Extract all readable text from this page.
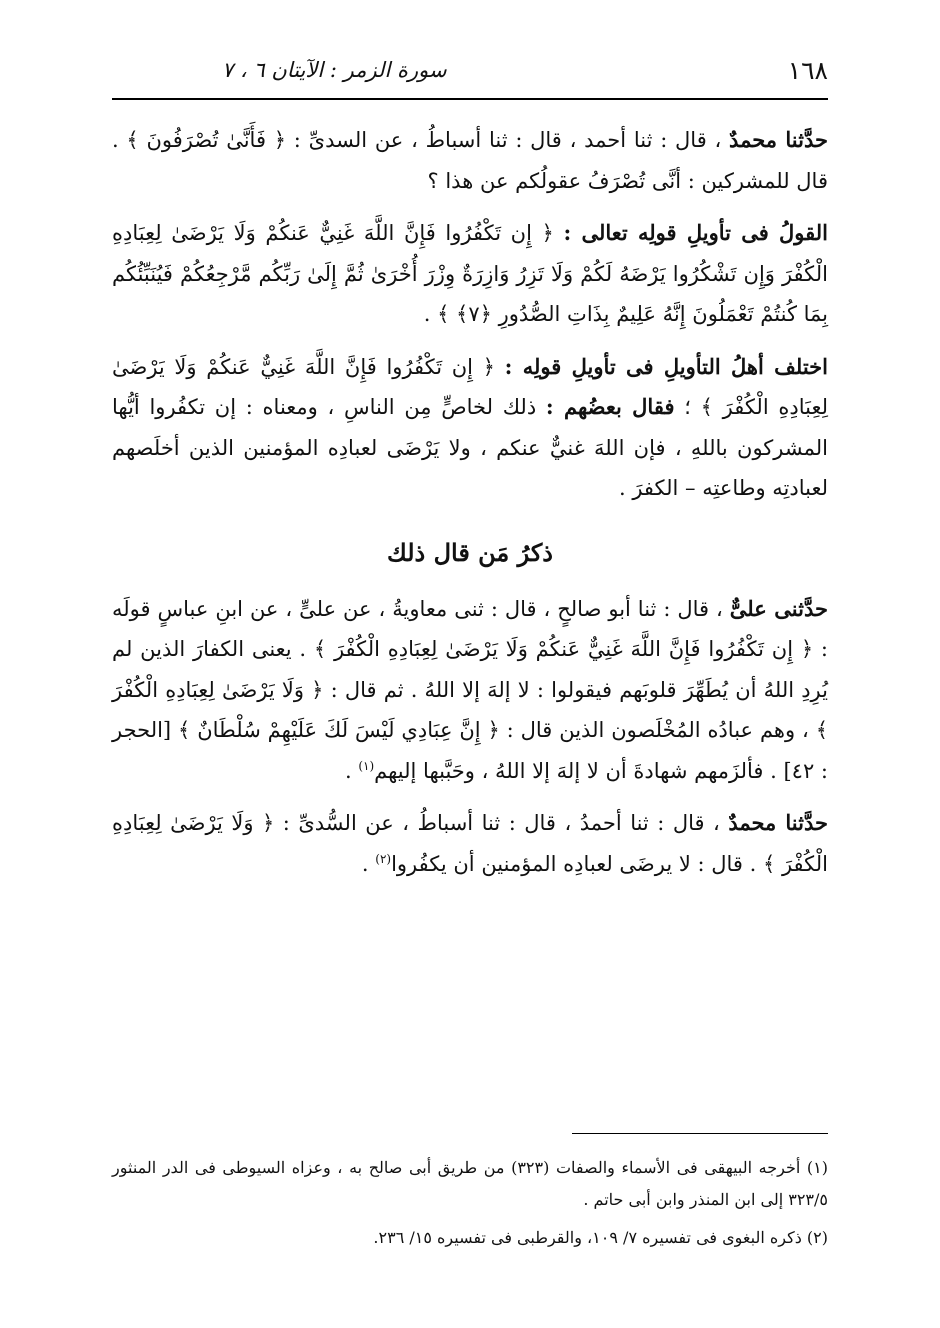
١٦٨
سورة الزمر : الآيتان ٦ ، ٧

حدَّثنا محمدٌ ، قال : ثنا أحمد ، قال : ثنا أسباطُ ، عن السدىِّ : ﴿ فَأَنَّىٰ تُصْرَفُونَ ﴾ . قال للمشركين : أنَّى تُصْرَفُ عقولُكم عن هذا ؟

القولُ فى تأويلِ قولِه تعالى : ﴿ إِن تَكْفُرُوا فَإِنَّ اللَّهَ غَنِيٌّ عَنكُمْ وَلَا يَرْضَىٰ لِعِبَادِهِ الْكُفْرَ وَإِن تَشْكُرُوا يَرْضَهُ لَكُمْ وَلَا تَزِرُ وَازِرَةٌ وِزْرَ أُخْرَىٰ ثُمَّ إِلَىٰ رَبِّكُم مَّرْجِعُكُمْ فَيُنَبِّئُكُم بِمَا كُنتُمْ تَعْمَلُونَ إِنَّهُ عَلِيمٌ بِذَاتِ الصُّدُورِ ﴿٧﴾ ﴾ .

اختلف أهلُ التأويلِ فى تأويلِ قولِه : ﴿ إِن تَكْفُرُوا فَإِنَّ اللَّهَ غَنِيٌّ عَنكُمْ وَلَا يَرْضَىٰ لِعِبَادِهِ الْكُفْرَ ﴾ ؛ فقال بعضُهم : ذلك لخاصٍّ مِن الناسِ ، ومعناه : إن تكفُروا أيُّها المشركون باللهِ ، فإن اللهَ غنيٌّ عنكم ، ولا يَرْضَى لعبادِه المؤمنين الذين أخلَصهم لعبادتِه وطاعتِه – الكفرَ .

ذكرُ مَن قال ذلك

حدَّثنى علىٌّ ، قال : ثنا أبو صالحٍ ، قال : ثنى معاويةُ ، عن علىٍّ ، عن ابنِ عباسٍ قولَه : ﴿ إِن تَكْفُرُوا فَإِنَّ اللَّهَ غَنِيٌّ عَنكُمْ وَلَا يَرْضَىٰ لِعِبَادِهِ الْكُفْرَ ﴾ . يعنى الكفارَ الذين لم يُرِدِ اللهُ أن يُطَهِّرَ قلوبَهم فيقولوا : لا إلهَ إلا اللهُ . ثم قال : ﴿ وَلَا يَرْضَىٰ لِعِبَادِهِ الْكُفْرَ ﴾ ، وهم عبادُه المُخْلَصون الذين قال : ﴿ إِنَّ عِبَادِي لَيْسَ لَكَ عَلَيْهِمْ سُلْطَانٌ ﴾ [الحجر : ٤٢] . فألزَمهم شهادةَ أن لا إلهَ إلا اللهُ ، وحَبَّبها إليهم$^{(١)}$ .

حدَّثنا محمدٌ ، قال : ثنا أحمدُ ، قال : ثنا أسباطُ ، عن السُّدىِّ : ﴿ وَلَا يَرْضَىٰ لِعِبَادِهِ الْكُفْرَ ﴾ . قال : لا يرضَى لعبادِه المؤمنين أن يكفُروا$^{(٢)}$ .

(١) أخرجه البيهقى فى الأسماء والصفات (٣٢٣) من طريق أبى صالح به ، وعزاه السيوطى فى الدر المنثور ٣٢٣/٥ إلى ابن المنذر وابن أبى حاتم .

(٢) ذكره البغوى فى تفسيره ٧/ ١٠٩، والقرطبى فى تفسيره ١٥/ ٢٣٦.
